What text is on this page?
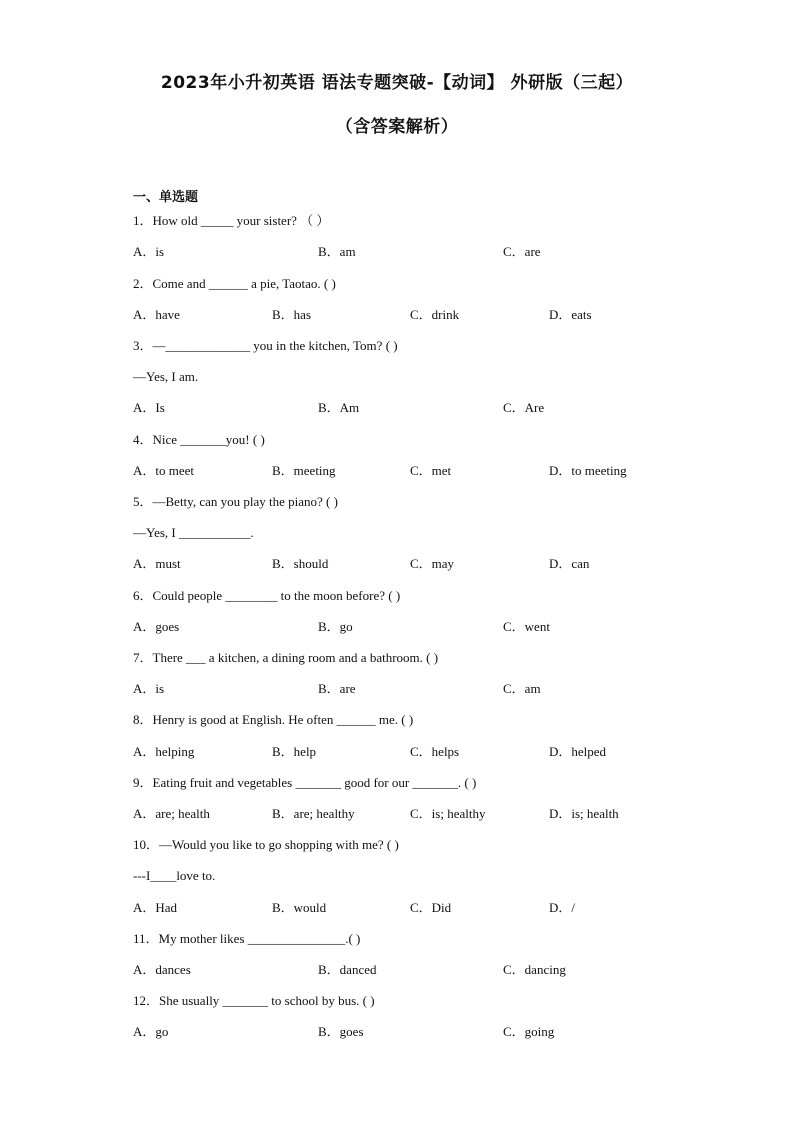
2023年小升初英语 语法专题突破-【动词】 外研版（三起）
（含答案解析）
一、单选题
1．How old _____ your sister? （ ）
A．is	B．am	C．are
2．Come and ______ a pie, Taotao. ( )
A．have	B．has	C．drink	D．eats
3．—_____________ you in the kitchen, Tom? ( )
—Yes, I am.
A．Is	B．Am	C．Are
4．Nice _______you! ( )
A．to meet	B．meeting	C．met	D．to meeting
5．—Betty, can you play the piano? ( )
—Yes, I ___________.
A．must	B．should	C．may	D．can
6．Could people ________ to the moon before? ( )
A．goes	B．go	C．went
7．There ___ a kitchen, a dining room and a bathroom. ( )
A．is	B．are	C．am
8．Henry is good at English. He often ______ me. ( )
A．helping	B．help	C．helps	D．helped
9．Eating fruit and vegetables _______ good for our _______. ( )
A．are; health	B．are; healthy	C．is; healthy	D．is; health
10．—Would you like to go shopping with me? ( )
---I____love to.
A．Had	B．would	C．Did	D．/
11．My mother likes _______________.( )
A．dances	B．danced	C．dancing
12．She usually _______ to school by bus. ( )
A．go	B．goes	C．going
